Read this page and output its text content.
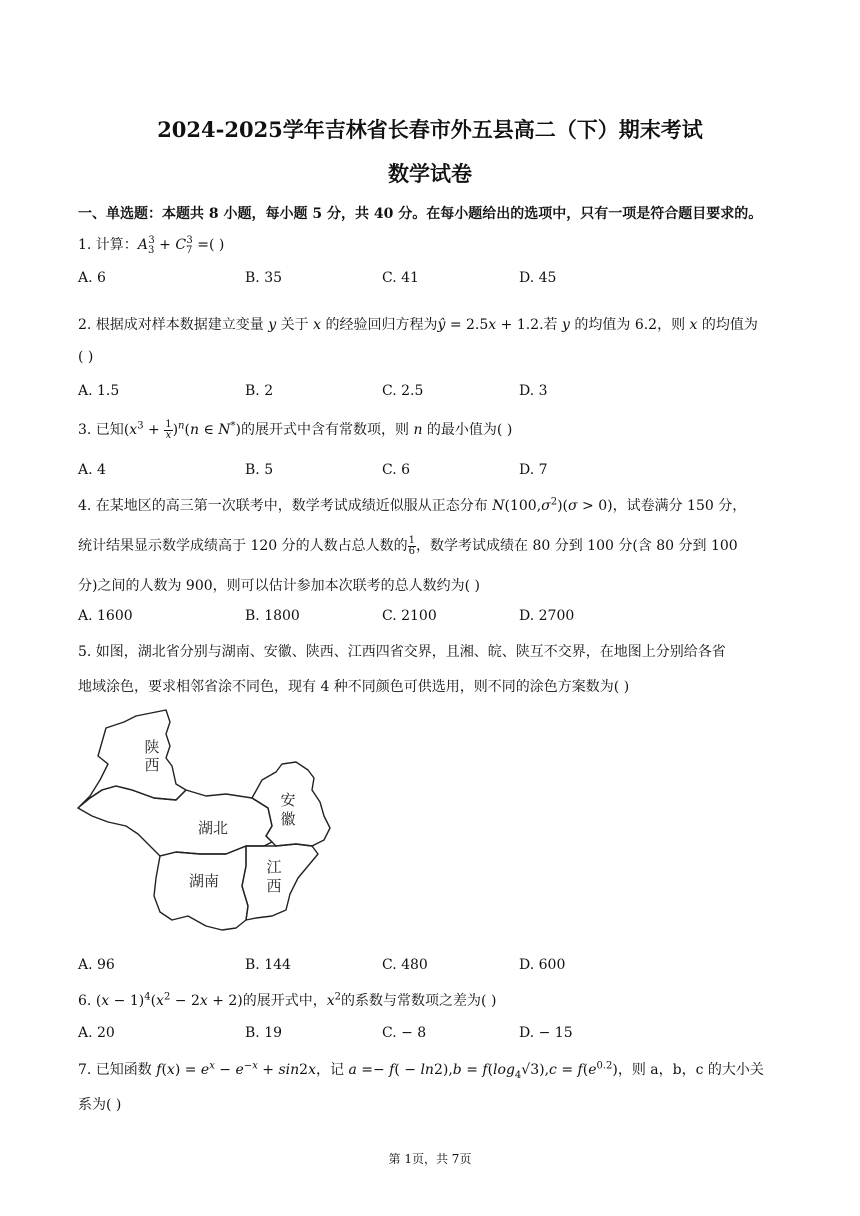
2024-2025学年吉林省长春市外五县高二（下）期末考试
数学试卷
一、单选题：本题共 8 小题，每小题 5 分，共 40 分。在每小题给出的选项中，只有一项是符合题目要求的。
1. 计算：$A_3^3 + C_7^3$ =( )
A. 6	B. 35	C. 41	D. 45
2. 根据成对样本数据建立变量 y 关于 x 的经验回归方程为ŷ = 2.5x + 1.2.若 y 的均值为 6.2，则 x 的均值为
( )
A. 1.5	B. 2	C. 2.5	D. 3
3. 已知$(x^3 + \frac{1}{x} )^n(n$ ∈ N*)的展开式中含有常数项，则 n 的最小值为( )
A. 4	B. 5	C. 6	D. 7
4. 在某地区的高三第一次联考中，数学考试成绩近似服从正态分布 $N(100,\sigma^2)(\sigma > 0)$，试卷满分 150 分，
统计结果显示数学成绩高于 120 分的人数占总人数的 $\frac{1}{6}$ ，数学考试成绩在 80 分到 100 分(含 80 分到 100
分)之间的人数为 900，则可以估计参加本次联考的总人数约为( )
A. 1600	B. 1800	C. 2100	D. 2700
5. 如图，湖北省分别与湖南、安徽、陕西、江西四省交界，且湘、皖、陕互不交界，在地图上分别给各省
地域涂色，要求相邻省涂不同色，现有 4 种不同颜色可供选用，则不同的涂色方案数为( )
陕
西
安
徽
湖北
湖南
江
西
A. 96	B. 144	C. 480	D. 600
6. $(x - 1)^4(x^2 - 2x + 2)$的展开式中，$x^2$的系数与常数项之差为( )
A. 20	B. 19	C. − 8	D. − 15
7. 已知函数 $f(x) = e^x - e^{-x} + \sin 2x$，记 $a =- f( - \ln 2),b = f(\log_4√3),c = f(e^{0.2})$，则 a，b，c 的大小关
系为( )
第 1页，共 7页
